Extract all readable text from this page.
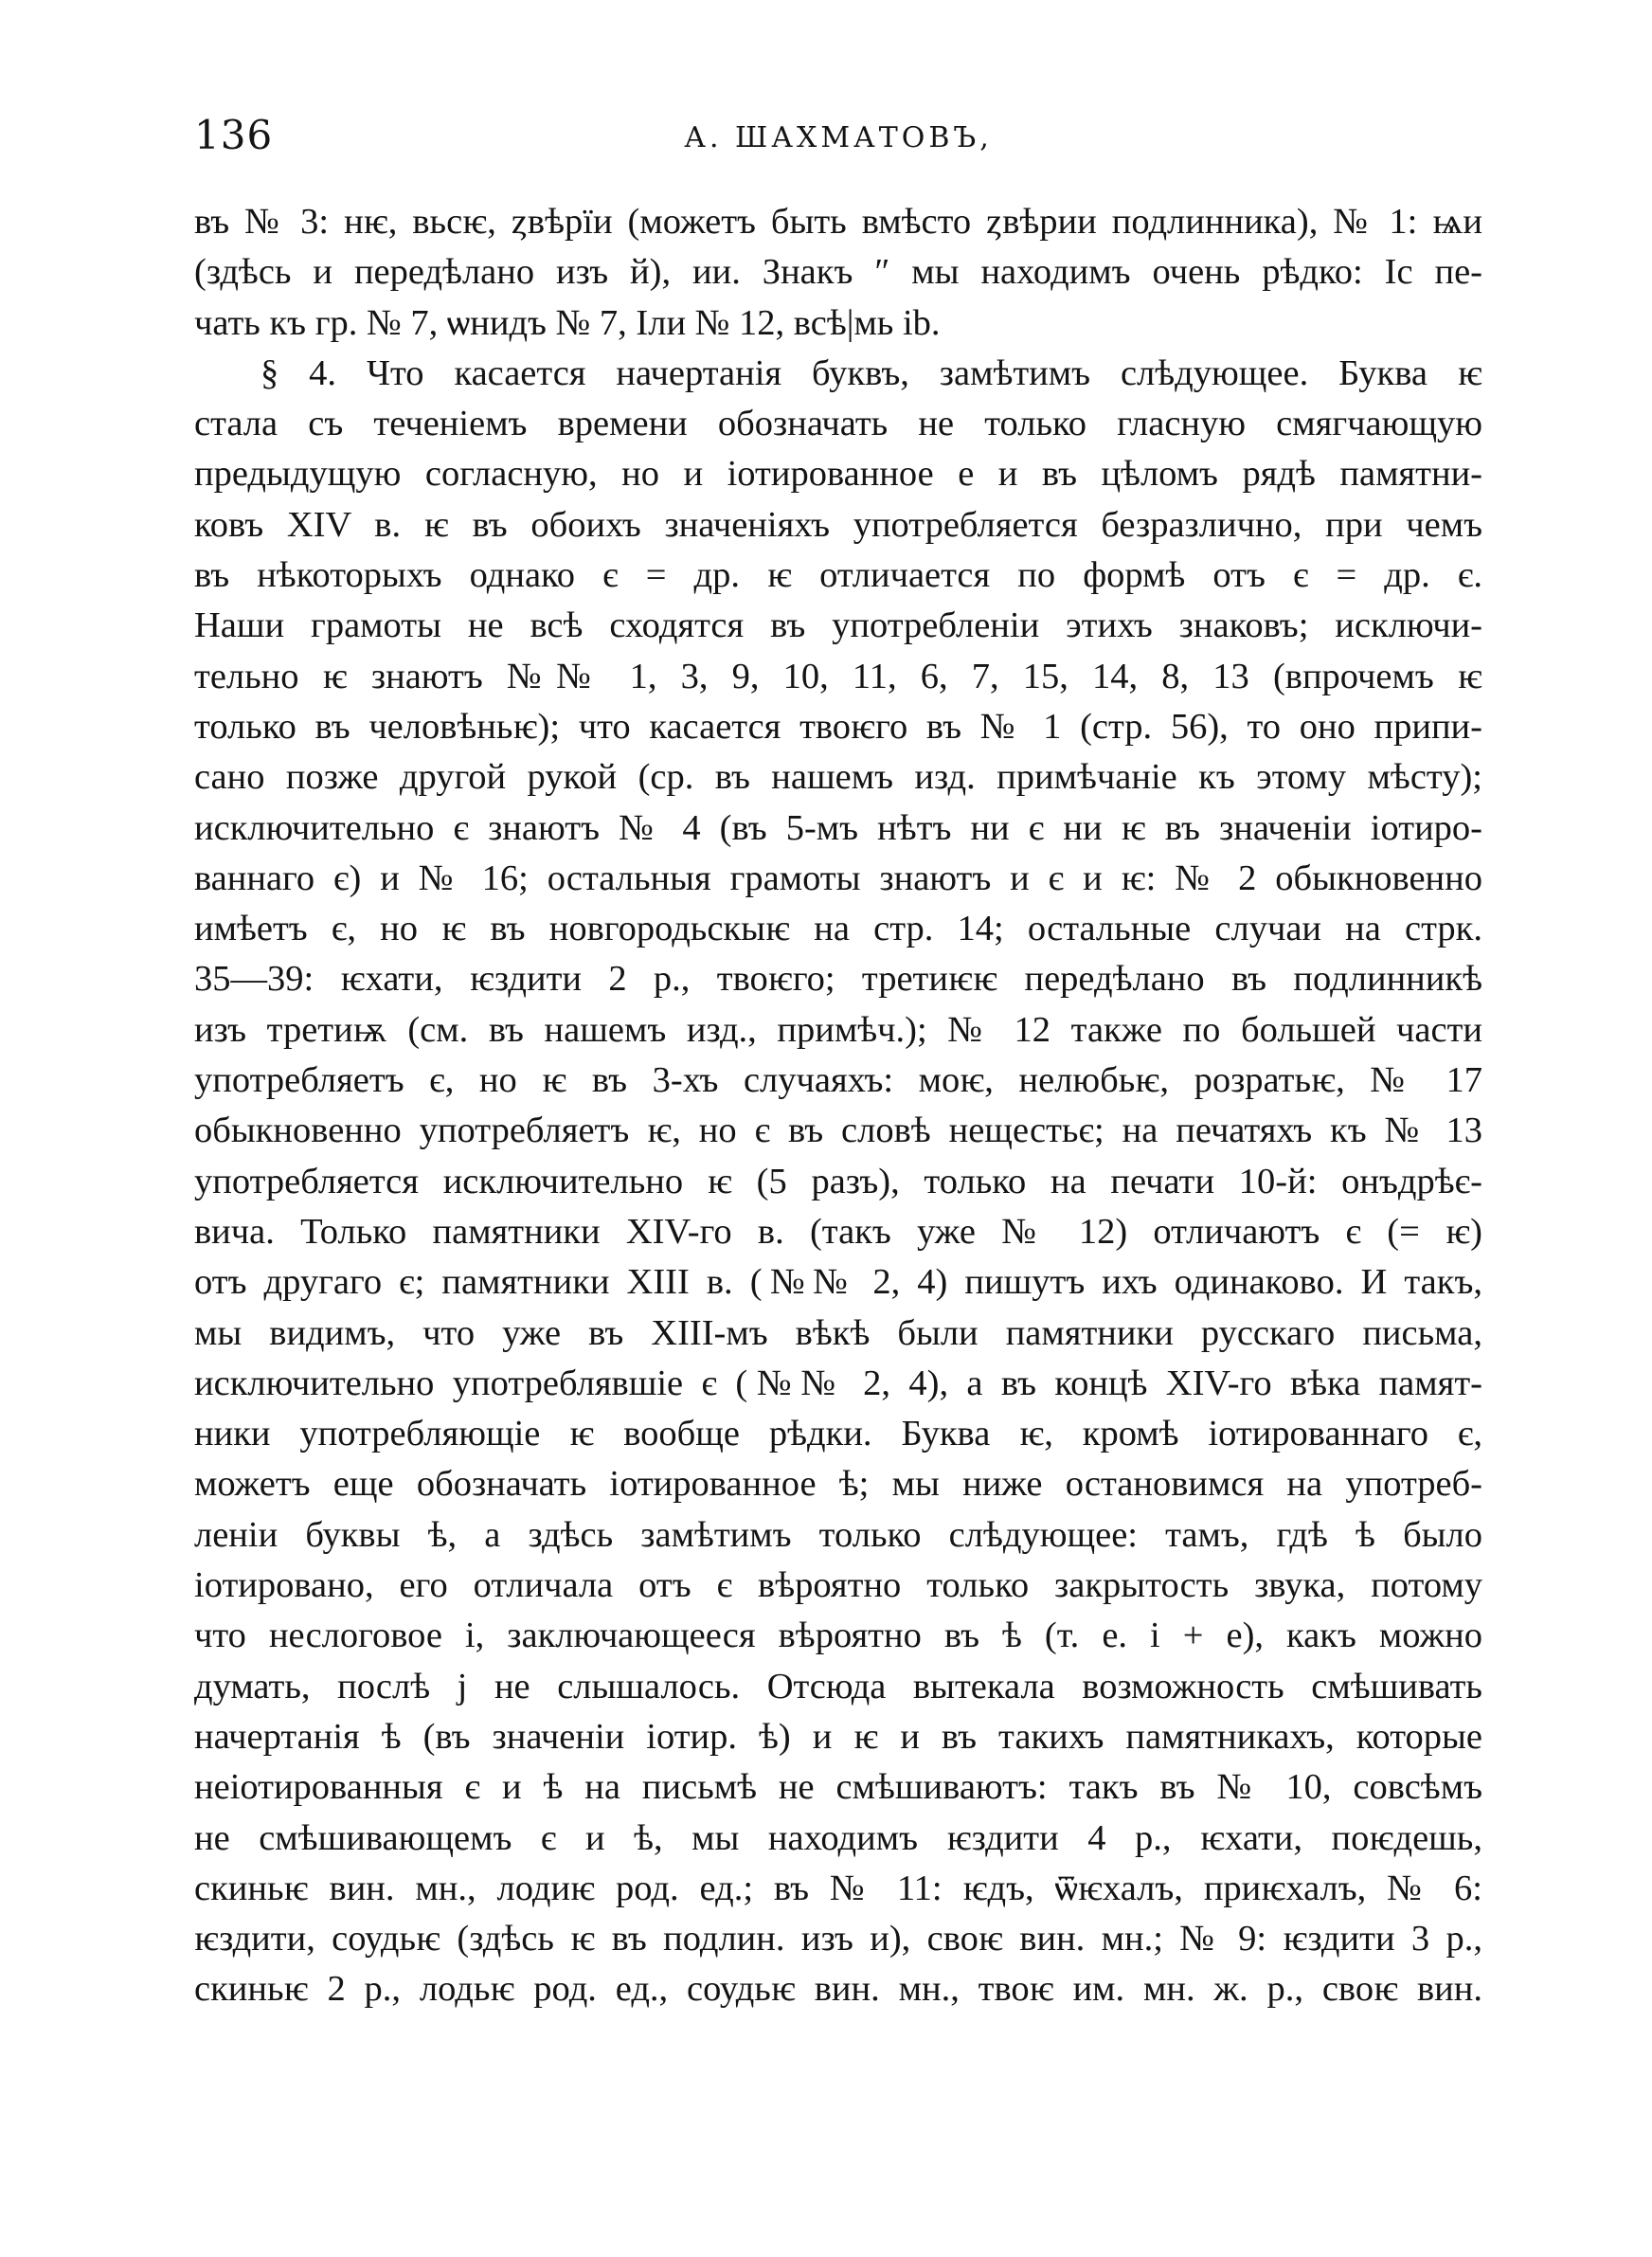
136	А. ШАХМАТОВЪ,
въ № 3: нѥ, вьсѥ, ȥвѣрїи (можетъ быть вмѣсто ȥвѣрии подлинника), № 1: ѩи
(здѣсь и передѣлано изъ й), ии. Знакъ ″ мы находимъ очень рѣдко: Ӏс пе-
чать къ гр. № 7, ѡнидъ № 7, Ӏли № 12, всѣ|мь ib.
§ 4. Что касается начертанія буквъ, замѣтимъ слѣдующее. Буква ѥ
стала съ теченіемъ времени обозначать не только гласную смягчающую
предыдущую согласную, но и іотированное е и въ цѣломъ рядѣ памятни-
ковъ XIV в. ѥ въ обоихъ значеніяхъ употребляется безразлично, при чемъ
въ нѣкоторыхъ однако є = др. ѥ отличается по формѣ отъ є = др. є.
Наши грамоты не всѣ сходятся въ употребленіи этихъ знаковъ; исключи-
тельно ѥ знаютъ №№ 1, 3, 9, 10, 11, 6, 7, 15, 14, 8, 13 (впрочемъ ѥ
только въ человѣньѥ); что касается твоѥго въ № 1 (стр. 56), то оно припи-
сано позже другой рукой (ср. въ нашемъ изд. примѣчаніе къ этому мѣсту);
исключительно є знаютъ № 4 (въ 5-мъ нѣтъ ни є ни ѥ въ значеніи іотиро-
ваннаго є) и № 16; остальныя грамоты знаютъ и є и ѥ: № 2 обыкновенно
имѣетъ є, но ѥ въ новгородьскыѥ на стр. 14; остальные случаи на стрк.
35—39: ѥхати, ѥздити 2 р., твоѥго; третиѥѥ передѣлано въ подлинникѣ
изъ третиѭ (см. въ нашемъ изд., примѣч.); № 12 также по большей части
употребляетъ є, но ѥ въ 3-хъ случаяхъ: моѥ, нелюбьѥ, розратьѥ, № 17
обыкновенно употребляетъ ѥ, но є въ словѣ нещестьє; на печатяхъ къ № 13
употребляется исключительно ѥ (5 разъ), только на печати 10-й: онъдрѣє-
вича. Только памятники XIV-го в. (такъ уже № 12) отличаютъ є (= ѥ)
отъ другаго є; памятники XIII в. (№№ 2, 4) пишутъ ихъ одинаково. И такъ,
мы видимъ, что уже въ XIII-мъ вѣкѣ были памятники русскаго письма,
исключительно употреблявшіе є (№№ 2, 4), а въ концѣ XIV-го вѣка памят-
ники употребляющіе ѥ вообще рѣдки. Буква ѥ, кромѣ іотированнаго є,
можетъ еще обозначать іотированное ѣ; мы ниже остановимся на употреб-
леніи буквы ѣ, а здѣсь замѣтимъ только слѣдующее: тамъ, гдѣ ѣ было
іотировано, его отличала отъ є вѣроятно только закрытость звука, потому
что неслоговое і, заключающееся вѣроятно въ ѣ (т. е. і + е), какъ можно
думать, послѣ j не слышалось. Отсюда вытекала возможность смѣшивать
начертанія ѣ (въ значеніи іотир. ѣ) и ѥ и въ такихъ памятникахъ, которые
неіотированныя є и ѣ на письмѣ не смѣшиваютъ: такъ въ № 10, совсѣмъ
не смѣшивающемъ є и ѣ, мы находимъ ѥздити 4 р., ѥхати, поѥдешь,
скиньѥ вин. мн., лодиѥ род. ед.; въ № 11: ѥдъ, ѿѥхалъ, приѥхалъ, № 6:
ѥздити, соудьѥ (здѣсь ѥ въ подлин. изъ и), своѥ вин. мн.; № 9: ѥздити 3 р.,
скиньѥ 2 р., лодьѥ род. ед., соудьѥ вин. мн., твоѥ им. мн. ж. р., своѥ вин.
